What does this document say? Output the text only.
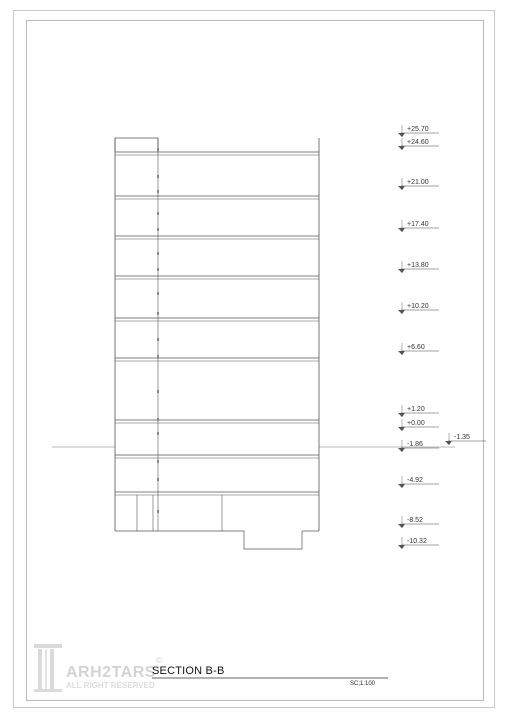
+25.70
+24.60
+21.00
+17.40
+13.80
+10.20
+6.60
+1.20
+0.00
-1.86
-4.92
-8.52
-10.32
-1.35
ARH2TARS
©
ALL RIGHT RESERVED
SECTION B-B
SC;1:100
